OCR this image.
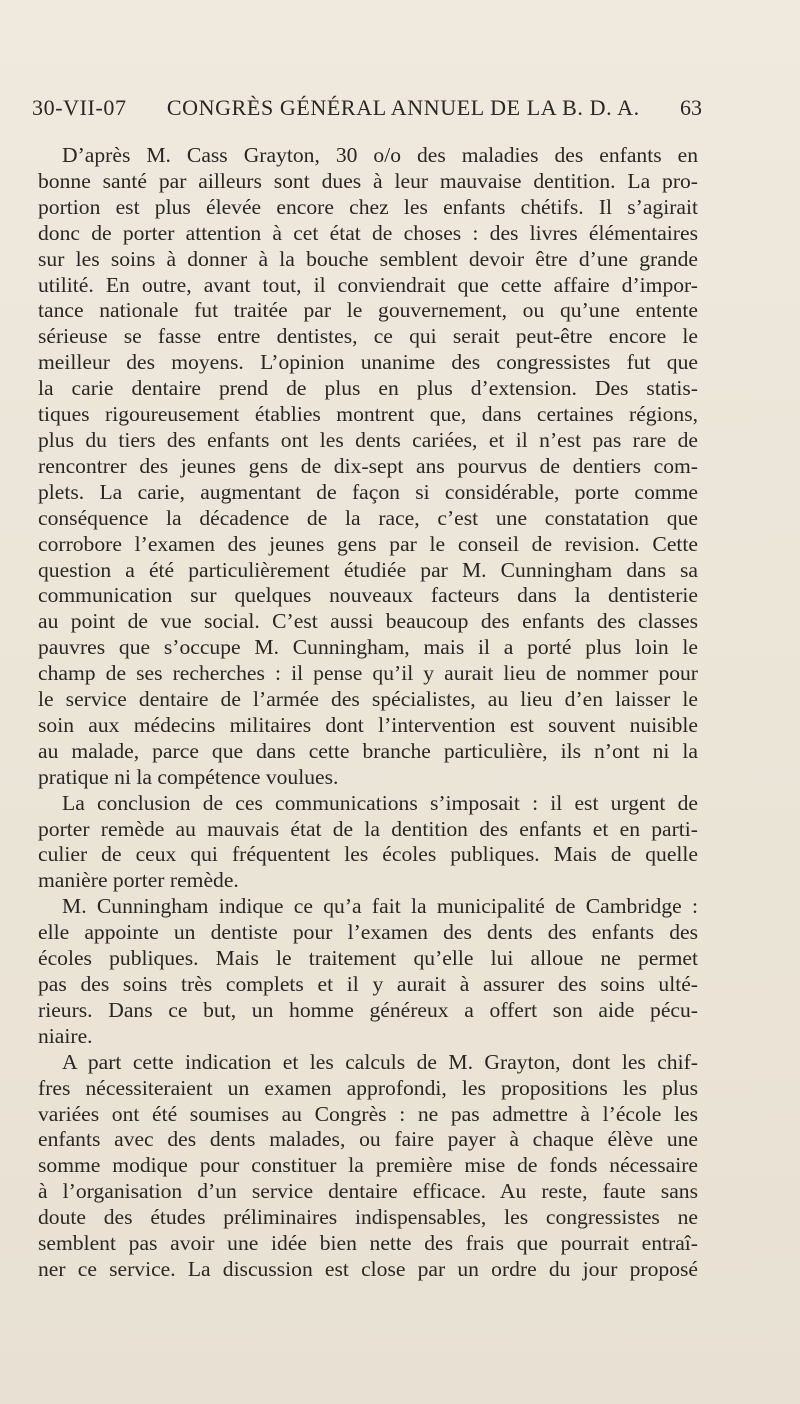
30-VII-07 CONGRÈS GÉNÉRAL ANNUEL DE LA B. D. A. 63
D’après M. Cass Grayton, 30 o/o des maladies des enfants en
bonne santé par ailleurs sont dues à leur mauvaise dentition. La pro-
portion est plus élevée encore chez les enfants chétifs. Il s’agirait
donc de porter attention à cet état de choses : des livres élémentaires
sur les soins à donner à la bouche semblent devoir être d’une grande
utilité. En outre, avant tout, il conviendrait que cette affaire d’impor-
tance nationale fut traitée par le gouvernement, ou qu’une entente
sérieuse se fasse entre dentistes, ce qui serait peut-être encore le
meilleur des moyens. L’opinion unanime des congressistes fut que
la carie dentaire prend de plus en plus d’extension. Des statis-
tiques rigoureusement établies montrent que, dans certaines régions,
plus du tiers des enfants ont les dents cariées, et il n’est pas rare de
rencontrer des jeunes gens de dix-sept ans pourvus de dentiers com-
plets. La carie, augmentant de façon si considérable, porte comme
conséquence la décadence de la race, c’est une constatation que
corrobore l’examen des jeunes gens par le conseil de revision. Cette
question a été particulièrement étudiée par M. Cunningham dans sa
communication sur quelques nouveaux facteurs dans la dentisterie
au point de vue social. C’est aussi beaucoup des enfants des classes
pauvres que s’occupe M. Cunningham, mais il a porté plus loin le
champ de ses recherches : il pense qu’il y aurait lieu de nommer pour
le service dentaire de l’armée des spécialistes, au lieu d’en laisser le
soin aux médecins militaires dont l’intervention est souvent nuisible
au malade, parce que dans cette branche particulière, ils n’ont ni la
pratique ni la compétence voulues.
La conclusion de ces communications s’imposait : il est urgent de
porter remède au mauvais état de la dentition des enfants et en parti-
culier de ceux qui fréquentent les écoles publiques. Mais de quelle
manière porter remède.
M. Cunningham indique ce qu’a fait la municipalité de Cambridge :
elle appointe un dentiste pour l’examen des dents des enfants des
écoles publiques. Mais le traitement qu’elle lui alloue ne permet
pas des soins très complets et il y aurait à assurer des soins ulté-
rieurs. Dans ce but, un homme généreux a offert son aide pécu-
niaire.
A part cette indication et les calculs de M. Grayton, dont les chif-
fres nécessiteraient un examen approfondi, les propositions les plus
variées ont été soumises au Congrès : ne pas admettre à l’école les
enfants avec des dents malades, ou faire payer à chaque élève une
somme modique pour constituer la première mise de fonds nécessaire
à l’organisation d’un service dentaire efficace. Au reste, faute sans
doute des études préliminaires indispensables, les congressistes ne
semblent pas avoir une idée bien nette des frais que pourrait entraî-
ner ce service. La discussion est close par un ordre du jour proposé
